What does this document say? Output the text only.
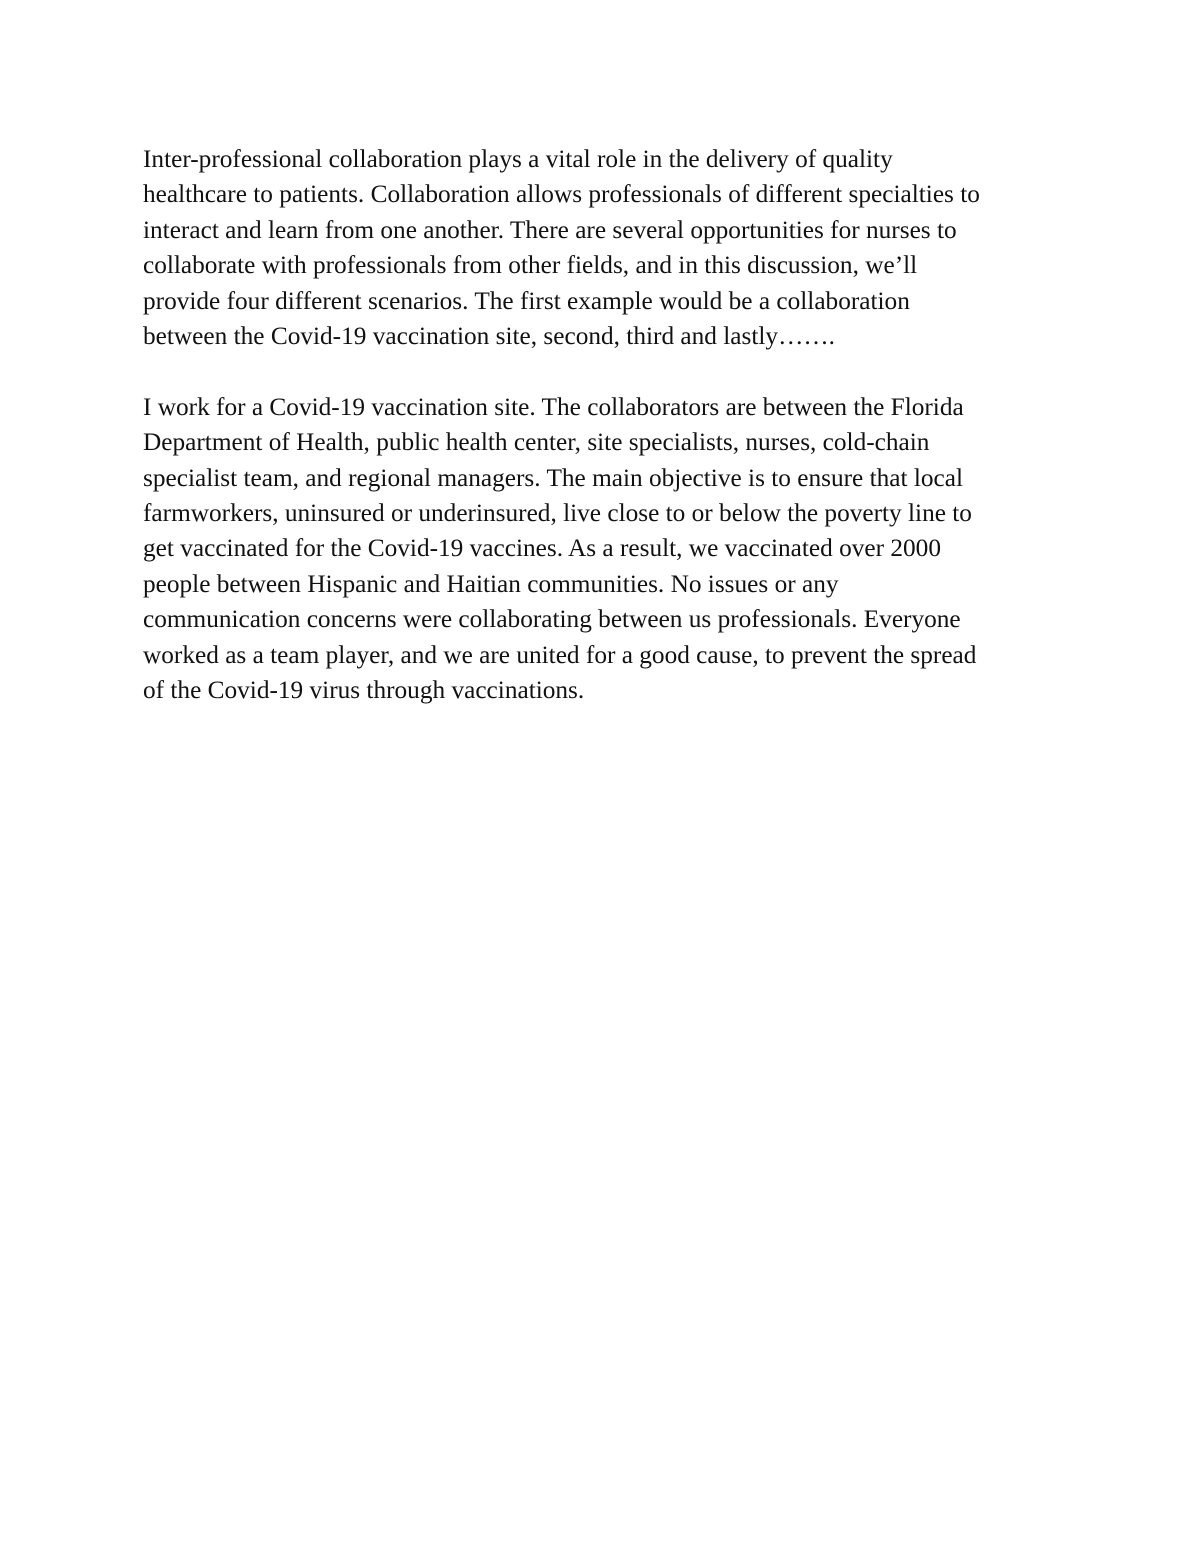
Inter-professional collaboration plays a vital role in the delivery of quality
healthcare to patients. Collaboration allows professionals of different specialties to
interact and learn from one another. There are several opportunities for nurses to
collaborate with professionals from other fields, and in this discussion, we’ll
provide four different scenarios. The first example would be a collaboration
between the Covid-19 vaccination site, second, third and lastly…….

I work for a Covid-19 vaccination site. The collaborators are between the Florida
Department of Health, public health center, site specialists, nurses, cold-chain
specialist team, and regional managers. The main objective is to ensure that local
farmworkers, uninsured or underinsured, live close to or below the poverty line to
get vaccinated for the Covid-19 vaccines. As a result, we vaccinated over 2000
people between Hispanic and Haitian communities. No issues or any
communication concerns were collaborating between us professionals. Everyone
worked as a team player, and we are united for a good cause, to prevent the spread
of the Covid-19 virus through vaccinations.
